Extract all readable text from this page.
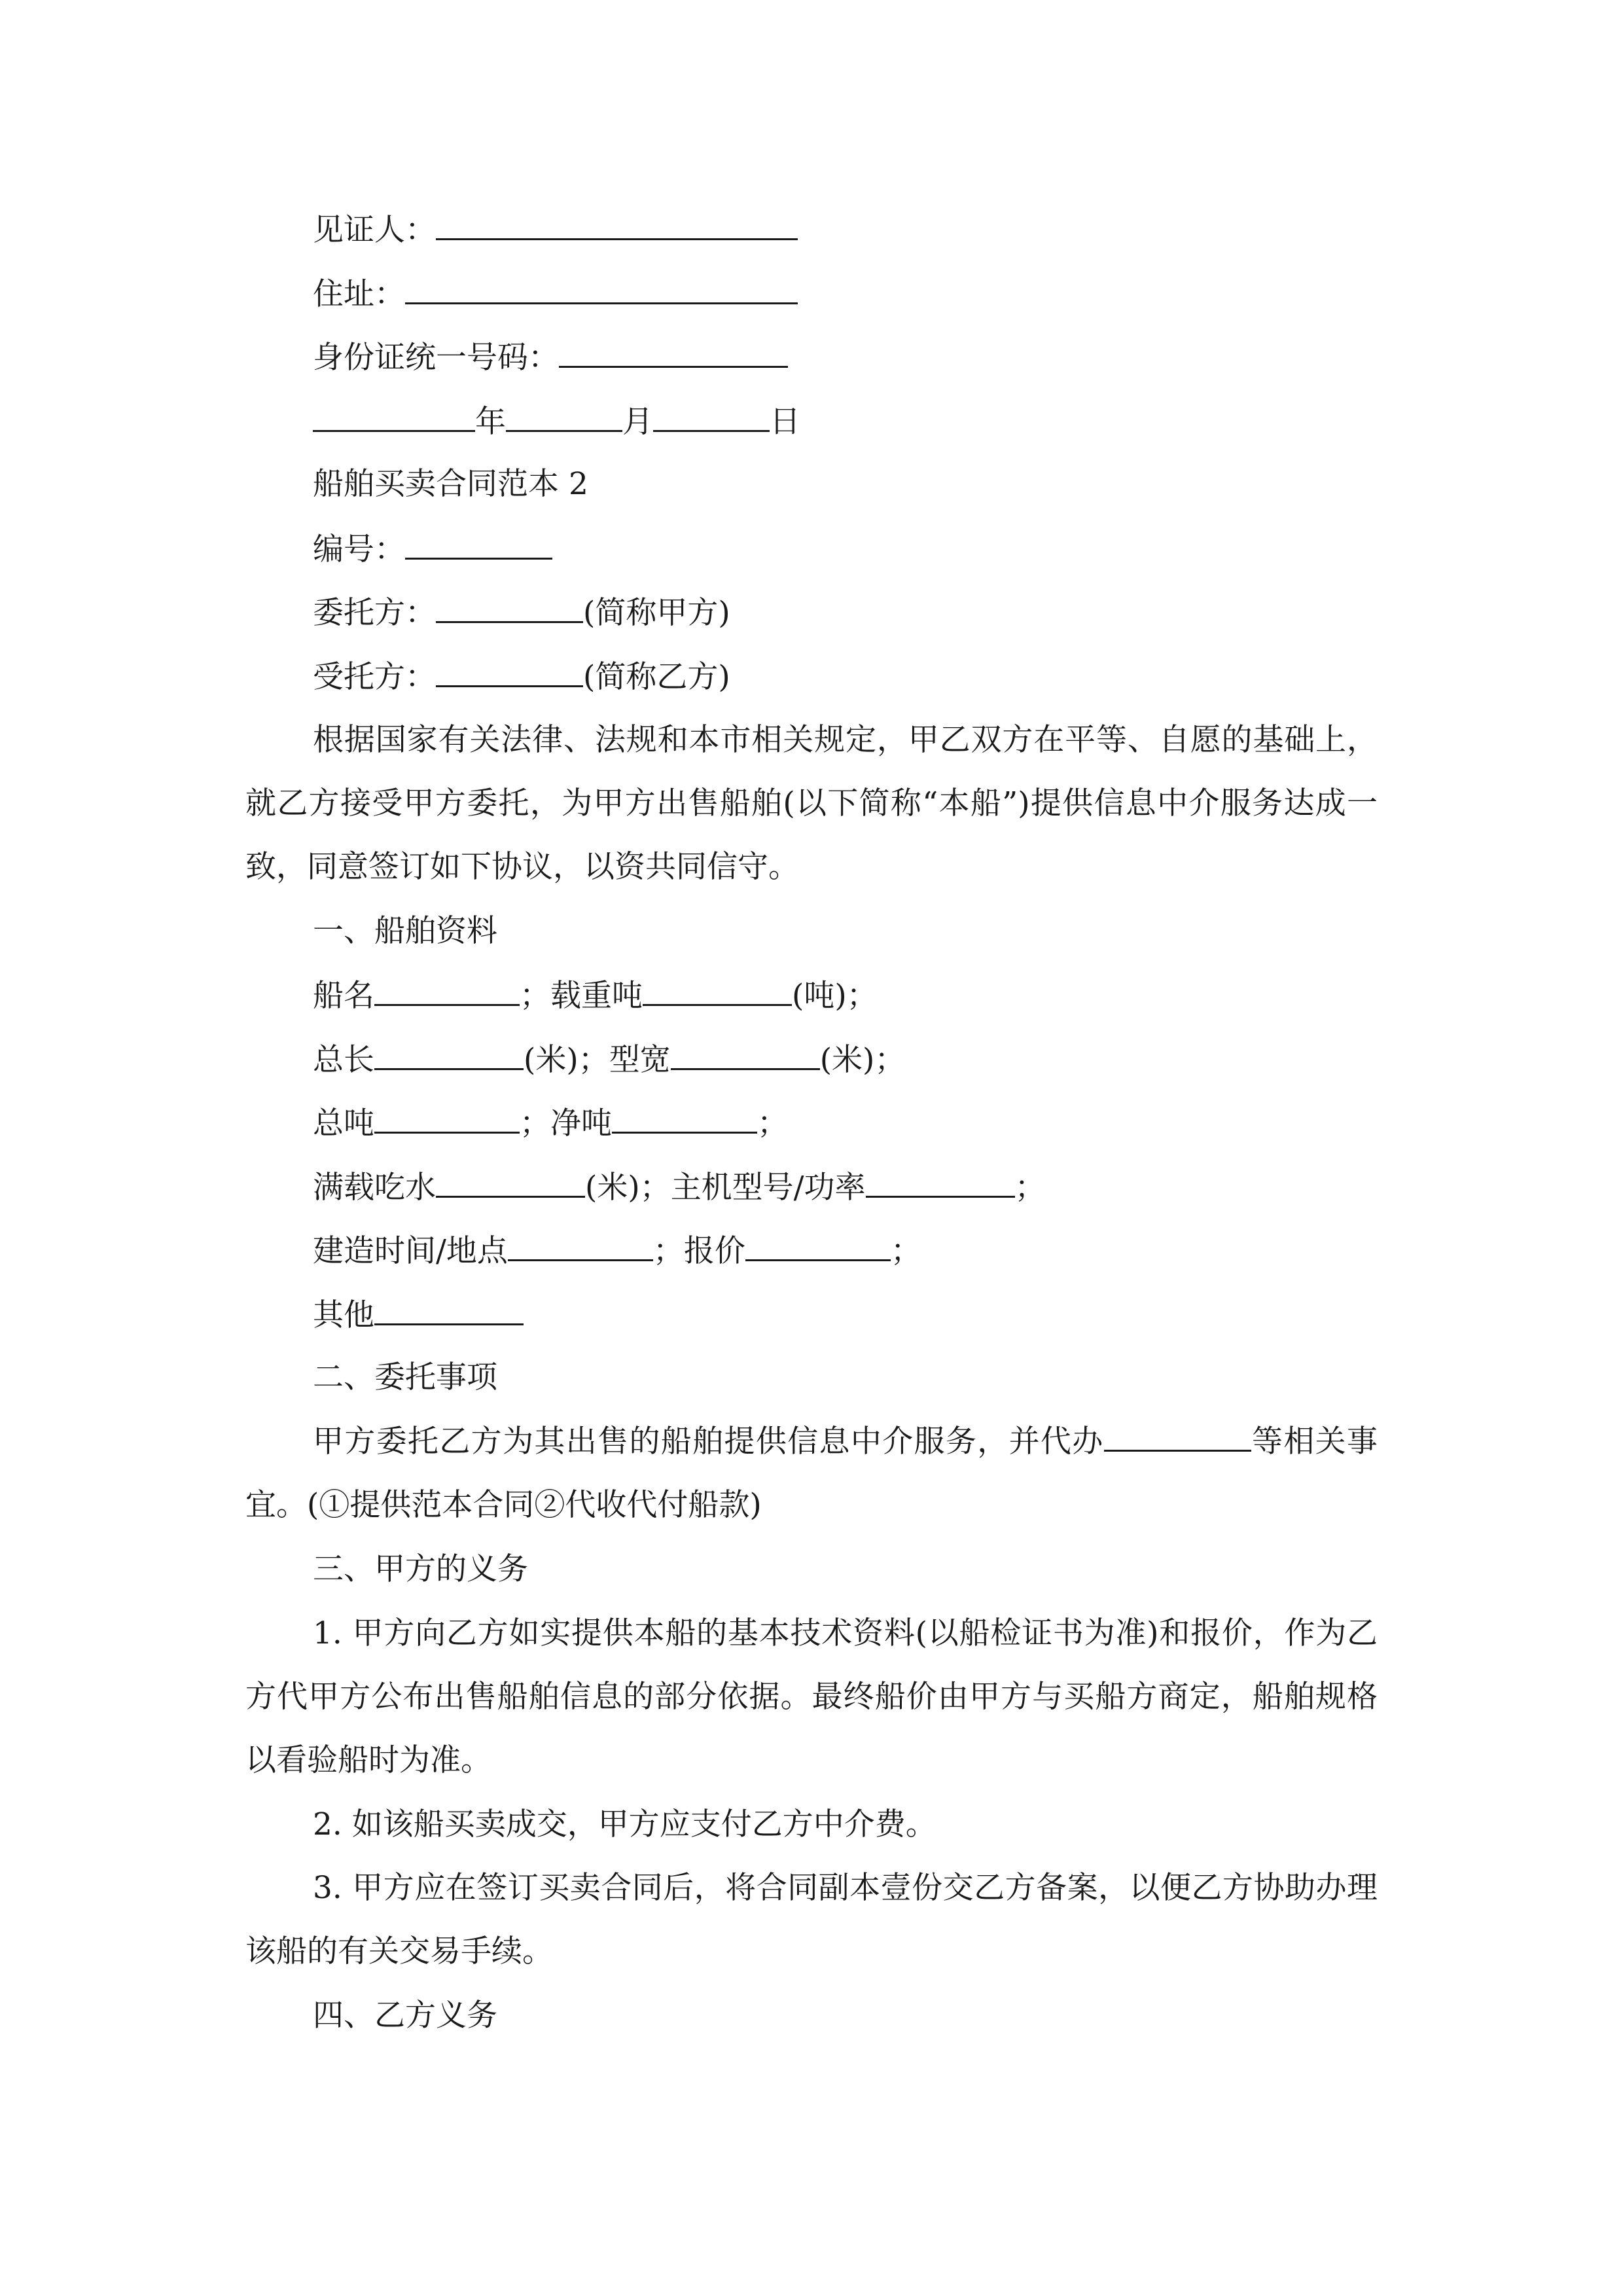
见证人：
住址：
身份证统一号码：
年	月	日
船舶买卖合同范本 2
编号：
委托方：	(简称甲方)
受托方：	(简称乙方)
根据国家有关法律、法规和本市相关规定，甲乙双方在平等、自愿的基础上，就乙方接受甲方委托，为甲方出售船舶(以下简称“本船”)提供信息中介服务达成一致，同意签订如下协议，以资共同信守。
一、船舶资料
船名	；载重吨	(吨)；
总长	(米)；型宽	(米)；
总吨	；净吨	；
满载吃水	(米)；主机型号/功率	；
建造时间/地点	；报价	；
其他
二、委托事项
甲方委托乙方为其出售的船舶提供信息中介服务，并代办	等相关事宜。(①提供范本合同②代收代付船款)
三、甲方的义务
1. 甲方向乙方如实提供本船的基本技术资料(以船检证书为准)和报价，作为乙方代甲方公布出售船舶信息的部分依据。最终船价由甲方与买船方商定，船舶规格以看验船时为准。
2. 如该船买卖成交，甲方应支付乙方中介费。
3. 甲方应在签订买卖合同后，将合同副本壹份交乙方备案，以便乙方协助办理该船的有关交易手续。
四、乙方义务
